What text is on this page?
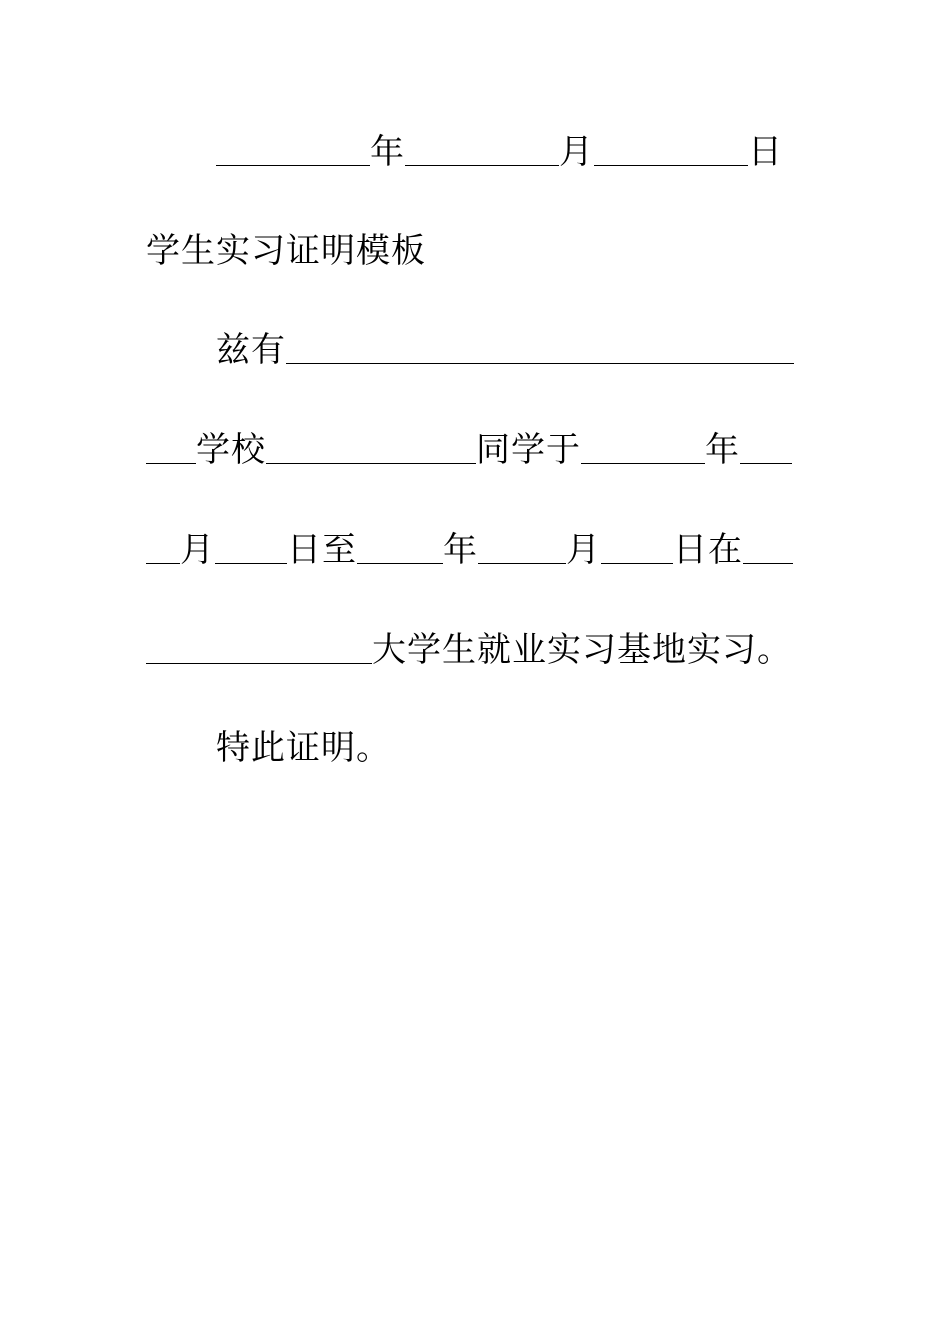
年	月	日
学生实习证明模板
兹有
学校	同学于	年
月 日至	年	月 日在
大学生就业实习基地实习。
特此证明。
